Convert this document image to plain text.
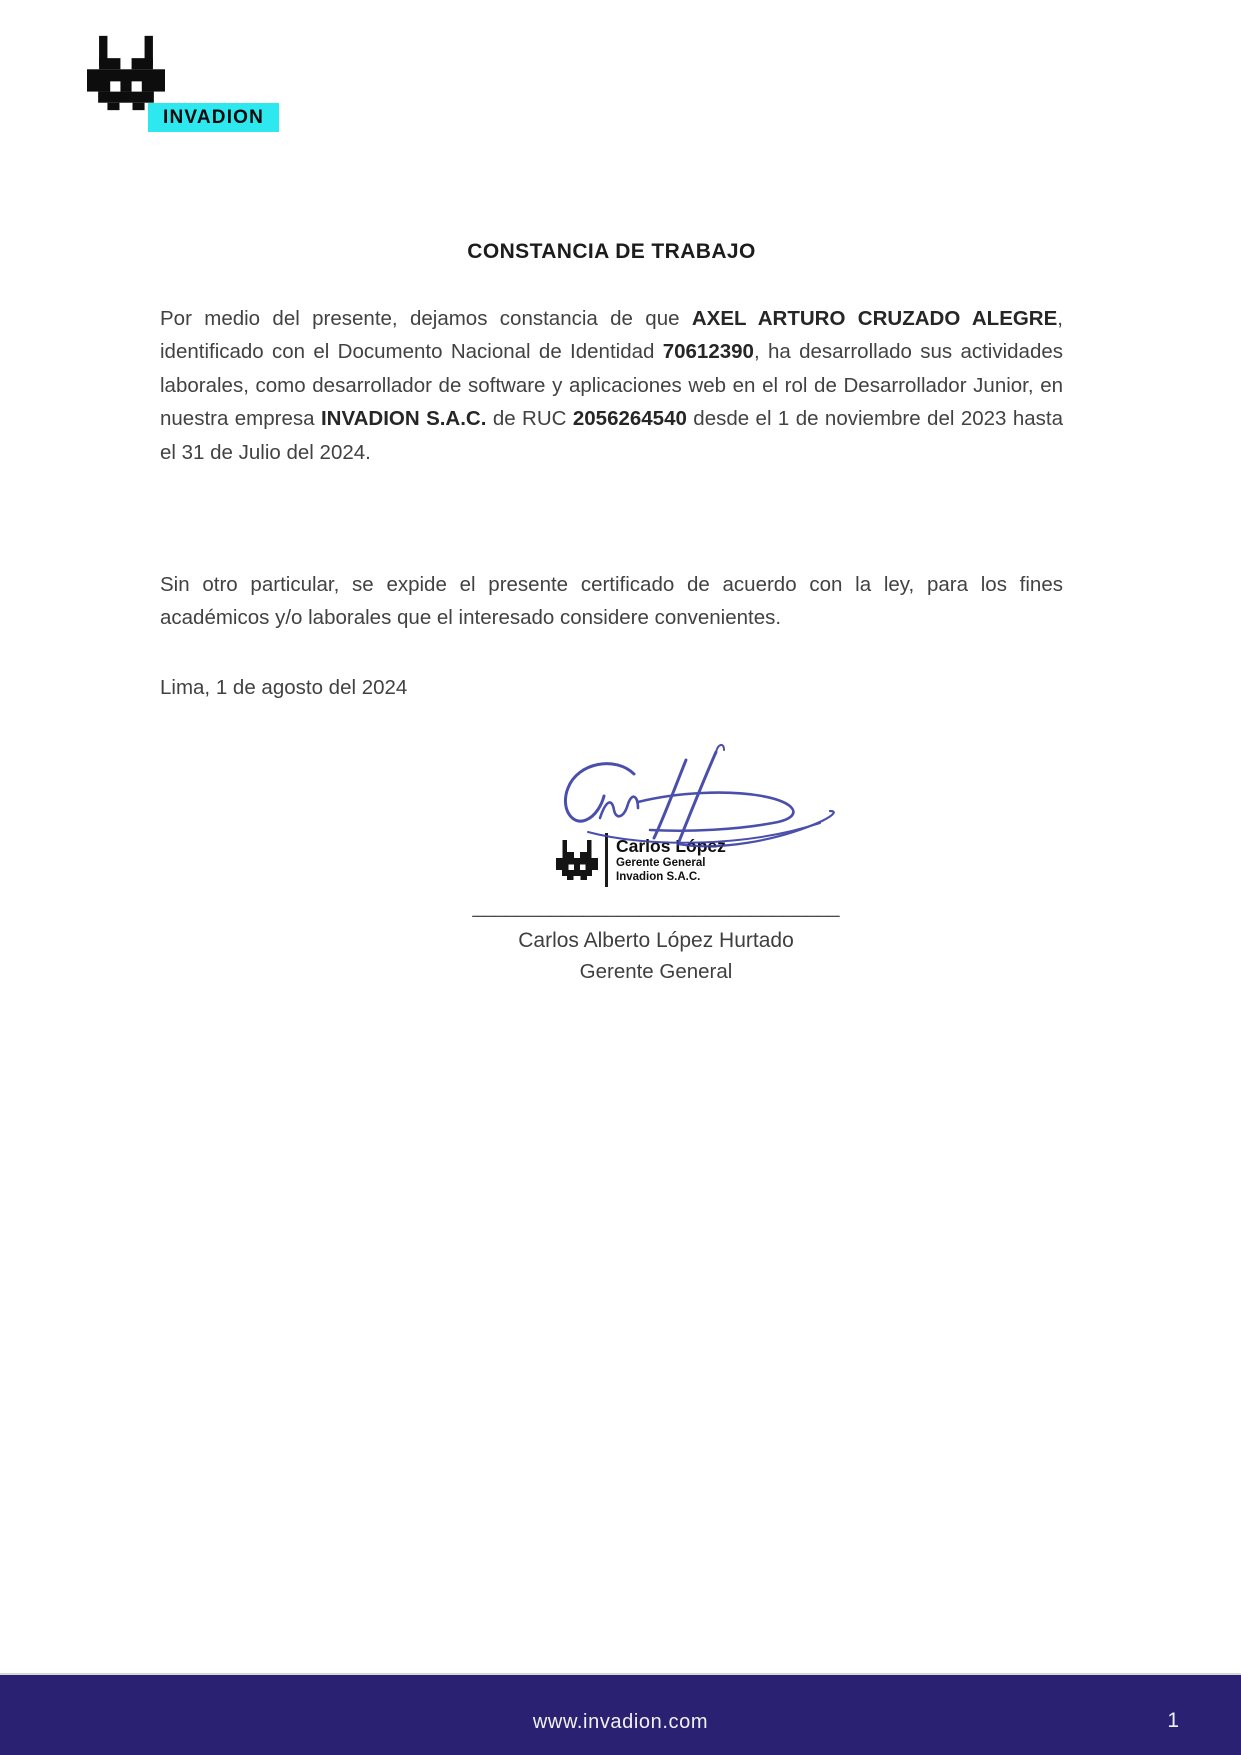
INVADION
CONSTANCIA DE TRABAJO

Por medio del presente, dejamos constancia de que AXEL ARTURO CRUZADO ALEGRE, identificado con el Documento Nacional de Identidad 70612390, ha desarrollado sus actividades laborales, como desarrollador de software y aplicaciones web en el rol de Desarrollador Junior, en nuestra empresa INVADION S.A.C. de RUC 2056264540 desde el 1 de noviembre del 2023 hasta el 31 de Julio del 2024.

Sin otro particular, se expide el presente certificado de acuerdo con la ley, para los fines académicos y/o laborales que el interesado considere convenientes.

Lima, 1 de agosto del 2024
Carlos López
Gerente General
Invadion S.A.C.
_________________________________
Carlos Alberto López Hurtado
Gerente General
www.invadion.com	1
